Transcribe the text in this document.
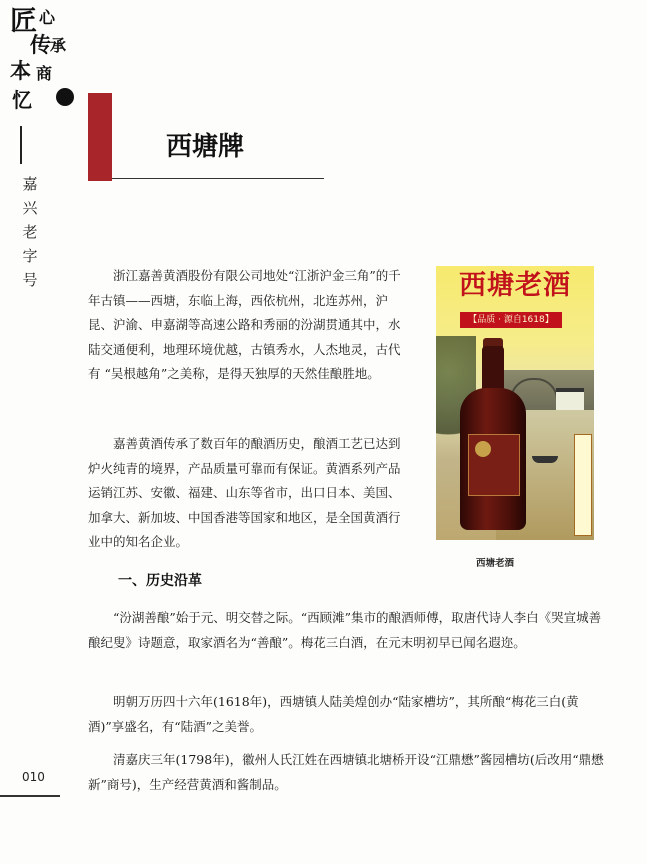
匠 心
传 承
本 商
忆
嘉
兴
老
字
号
西塘牌

浙江嘉善黄酒股份有限公司地处“江浙沪金三角”的千年古镇——西塘，东临上海，西依杭州，北连苏州，沪昆、沪渝、申嘉湖等高速公路和秀丽的汾湖贯通其中，水陆交通便利，地理环境优越，古镇秀水，人杰地灵，古代有 “吴根越角”之美称，是得天独厚的天然佳酿胜地。

嘉善黄酒传承了数百年的酿酒历史，酿酒工艺已达到炉火纯青的境界，产品质量可靠而有保证。黄酒系列产品运销江苏、安徽、福建、山东等省市，出口日本、美国、加拿大、新加坡、中国香港等国家和地区，是全国黄酒行业中的知名企业。

西塘老酒
【品质 · 源自1618】
西塘老酒
一、历史沿革

“汾湖善酿”始于元、明交替之际。“西顾滩”集市的酿酒师傅，取唐代诗人李白《哭宣城善酿纪叟》诗题意，取家酒名为“善酿”。梅花三白酒，在元末明初早已闻名遐迩。

明朝万历四十六年(1618年)，西塘镇人陆美煌创办“陆家槽坊”，其所酿“梅花三白(黄酒)”享盛名，有“陆酒”之美誉。

清嘉庆三年(1798年)，徽州人氏江姓在西塘镇北塘桥开设“江鼎懋”酱园槽坊(后改用“鼎懋新”商号)，生产经营黄酒和酱制品。

010
